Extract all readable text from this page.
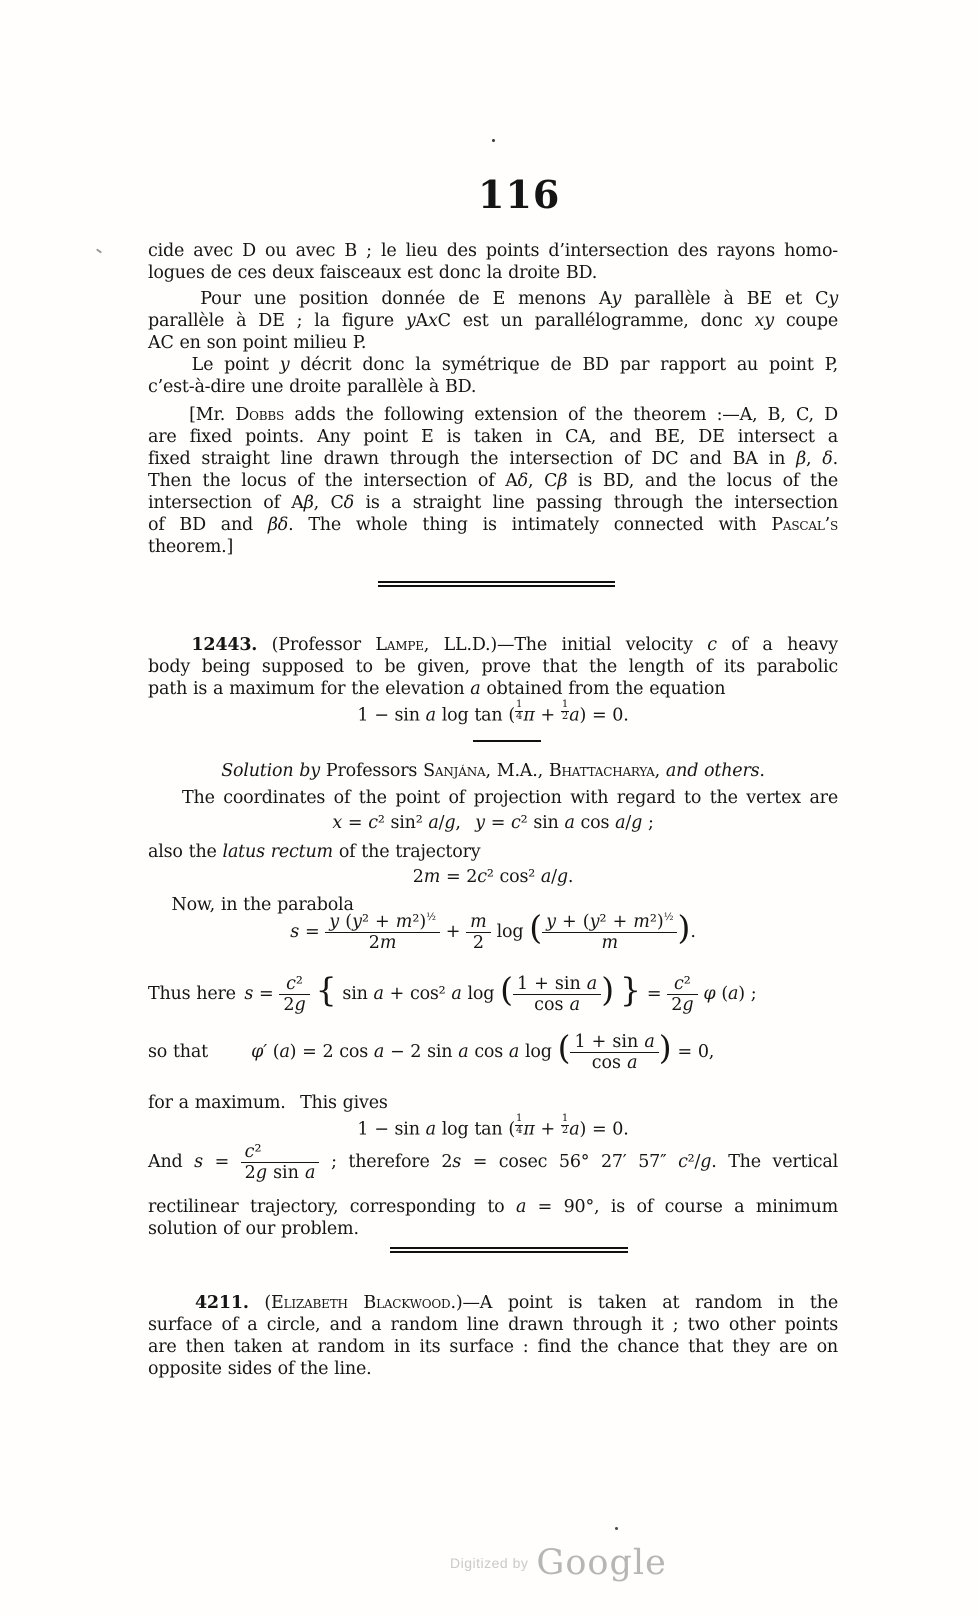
116
cide avec D ou avec B ; le lieu des points d’intersection des rayons homo-
logues de ces deux faisceaux est donc la droite BD.
Pour une position donnée de E menons Ay parallèle à BE et Cy
parallèle à DE ; la figure yAxC est un parallélogramme, donc xy coupe
AC en son point milieu P.
Le point y décrit donc la symétrique de BD par rapport au point P,
c’est-à-dire une droite parallèle à BD.
[Mr. Dobbs adds the following extension of the theorem :—A, B, C, D
are fixed points. Any point E is taken in CA, and BE, DE intersect a
fixed straight line drawn through the intersection of DC and BA in β, δ.
Then the locus of the intersection of Aδ, Cβ is BD, and the locus of the
intersection of Aβ, Cδ is a straight line passing through the intersection
of BD and βδ. The whole thing is intimately connected with Pascal’s
theorem.]
12443. (Professor Lampe, LL.D.)—The initial velocity c of a heavy
body being supposed to be given, prove that the length of its parabolic
path is a maximum for the elevation a obtained from the equation
1 − sin a log tan ( $\frac{1}{4}$ $\pi + \frac{1}{2} a) = 0$.
Solution by Professors Sanjána, M.A., Bhattacharya, and others.
The coordinates of the point of projection with regard to the vertex are
x = c² sin² a/g,  y = c² sin a cos a/g ;
also the latus rectum of the trajectory
2m = 2c² cos² a/g.
Now, in the parabola
$s = \frac{y (y^2 + m^2)^{\frac{1}{2}}}{2m} + \frac{m}{2}$ log ( $\frac{y + (y^2 + m^2)^{\frac{1}{2}}}{m}$ ).
Thus here $s = \frac{\text{c²}}{2g}$ { sin a + cos² a log ( $\frac{\text{1 + sin a}}{\text{cos a}}$ ) } = $\frac{\text{c²}}{2g}$ φ (a) ;
so that   φ′ (a) = 2 cos a − 2 sin a cos a log ( $\frac{\text{1 + sin a}}{\text{cos a}}$ ) = 0,
for a maximum.  This gives
1 − sin a log tan ( $\frac{1}{4}$ $\pi + \frac{1}{2} a) = 0$.
And $s = \frac{\text{c²}}{\text{2g sin a}}$ ; therefore 2s = cosec 56° 27′ 57″ c²/g. The vertical
rectilinear trajectory, corresponding to a = 90°, is of course a minimum
solution of our problem.
4211. (Elizabeth Blackwood.)—A point is taken at random in the
surface of a circle, and a random line drawn through it ; two other points
are then taken at random in its surface : find the chance that they are on
opposite sides of the line.
Digitized by Google
